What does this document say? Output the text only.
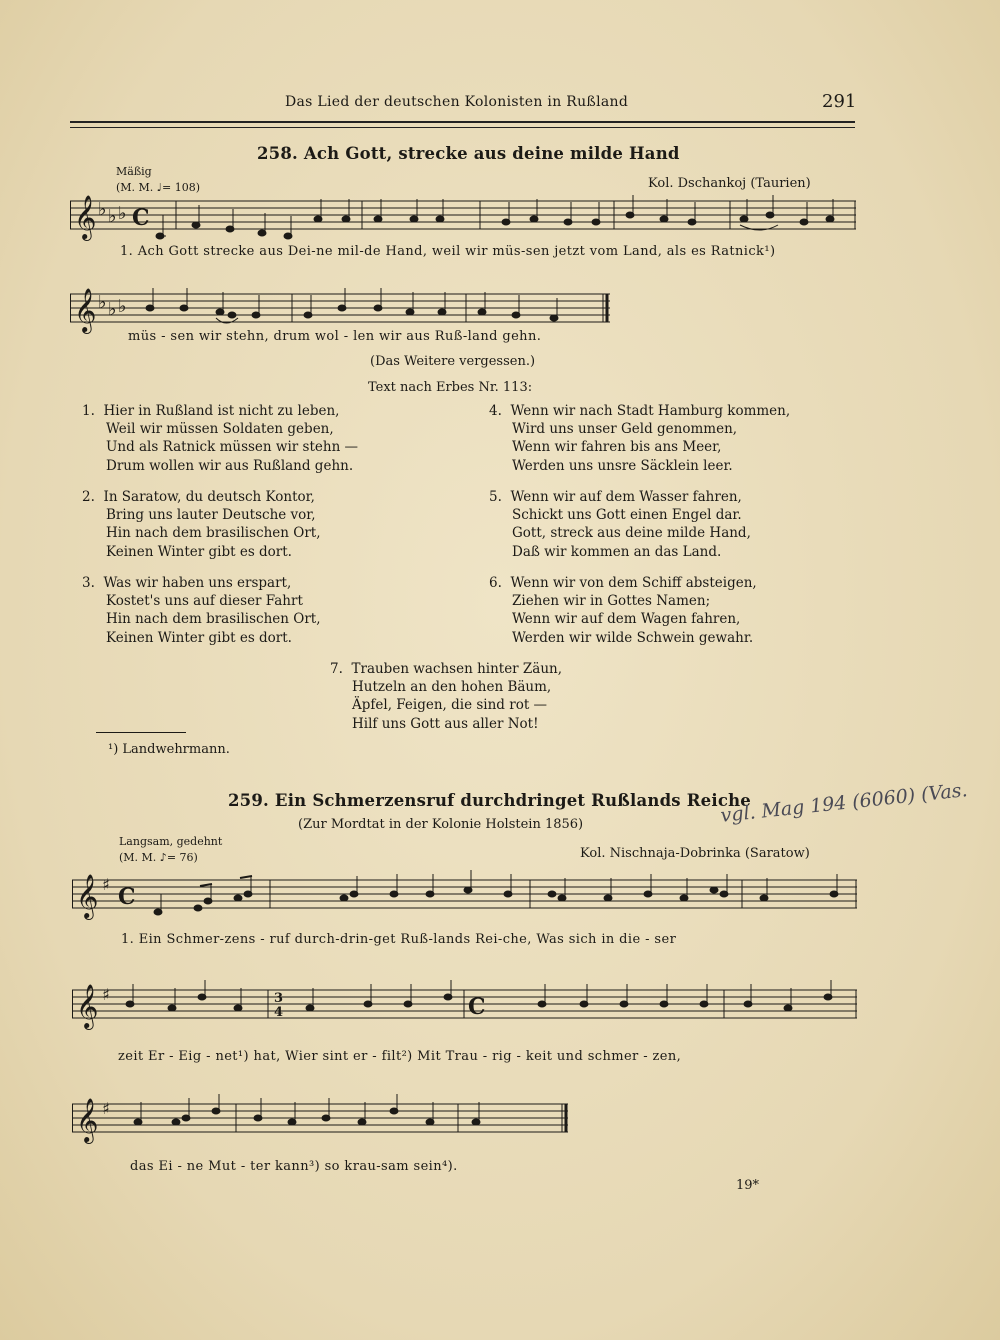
Das Lied der deutschen Kolonisten in Rußland	291
258. Ach Gott, strecke aus deine milde Hand
Mäßig
(M. M. ♩= 108)	Kol. Dschankoj (Taurien)
𝄞 ♭ ♭ ♭ C
1. Ach Gott strecke aus Dei-ne mil-de Hand, weil wir müs-sen jetzt vom Land, als es Ratnick¹)
𝄞 ♭ ♭ ♭
müs - sen wir stehn, drum wol - len wir aus Ruß-land gehn.
(Das Weitere vergessen.)
Text nach Erbes Nr. 113:
1. Hier in Rußland ist nicht zu leben,
Weil wir müssen Soldaten geben,
Und als Ratnick müssen wir stehn —
Drum wollen wir aus Rußland gehn.
2. In Saratow, du deutsch Kontor,
Bring uns lauter Deutsche vor,
Hin nach dem brasilischen Ort,
Keinen Winter gibt es dort.
3. Was wir haben uns erspart,
Kostet's uns auf dieser Fahrt
Hin nach dem brasilischen Ort,
Keinen Winter gibt es dort.
4. Wenn wir nach Stadt Hamburg kommen,
Wird uns unser Geld genommen,
Wenn wir fahren bis ans Meer,
Werden uns unsre Säcklein leer.
5. Wenn wir auf dem Wasser fahren,
Schickt uns Gott einen Engel dar.
Gott, streck aus deine milde Hand,
Daß wir kommen an das Land.
6. Wenn wir von dem Schiff absteigen,
Ziehen wir in Gottes Namen;
Wenn wir auf dem Wagen fahren,
Werden wir wilde Schwein gewahr.
7. Trauben wachsen hinter Zäun,
Hutzeln an den hohen Bäum,
Äpfel, Feigen, die sind rot —
Hilf uns Gott aus aller Not!
¹) Landwehrmann.
259. Ein Schmerzensruf durchdringet Rußlands Reiche
vgl. Mag 194 (6060) (Vas.
(Zur Mordtat in der Kolonie Holstein 1856)
Langsam, gedehnt
(M. M. ♪= 76)	Kol. Nischnaja-Dobrinka (Saratow)
𝄞 ♯ C
1. Ein Schmer-zens - ruf durch-drin-get Ruß-lands Rei-che, Was sich in die - ser
𝄞 ♯	3
4	C
zeit Er - Eig - net¹) hat, Wier sint er - filt²) Mit Trau - rig - keit und schmer - zen,
𝄞 ♯
das Ei - ne Mut - ter kann³) so krau-sam sein⁴).
19*
